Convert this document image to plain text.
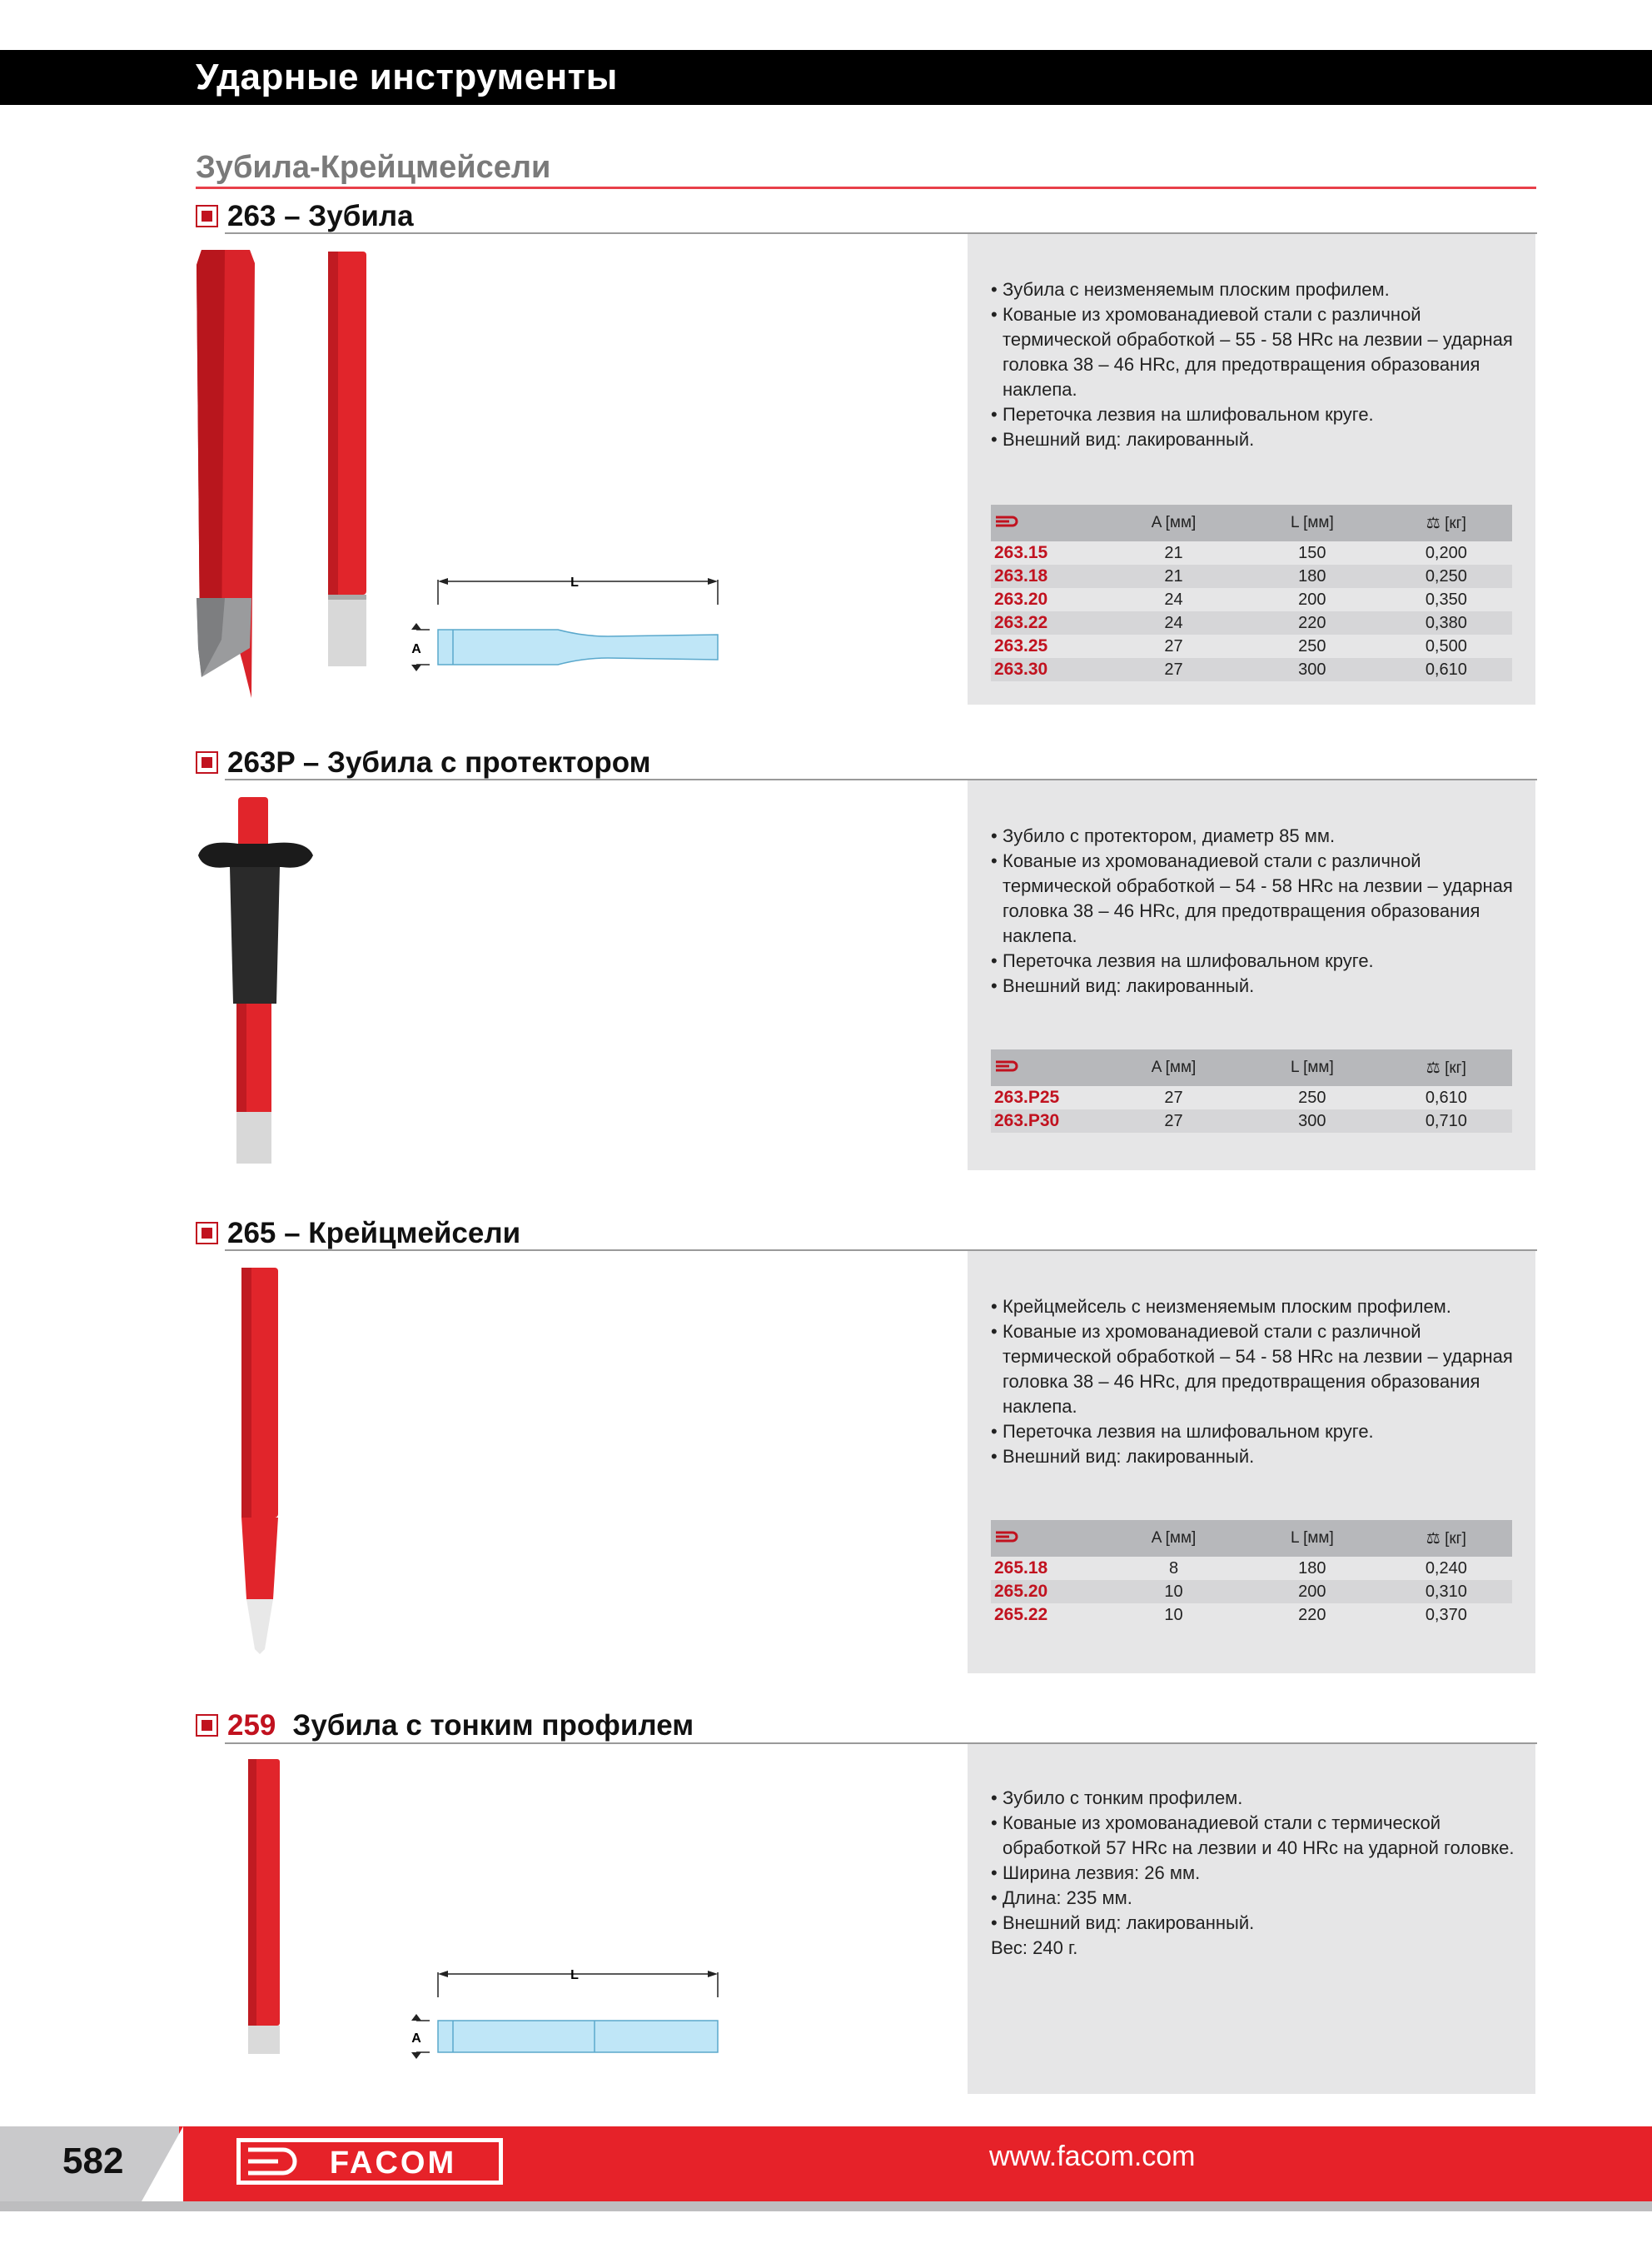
Ударные инструменты
Зубила-Крейцмейсели
263 – Зубила
L
A
• Зубила с неизменяемым плоским профилем.
• Кованые из хромованадиевой стали с различной термической обработкой – 55 - 58 HRc на лезвии – ударная головка 38 – 46 HRc, для предотвращения образования наклепа.
• Переточка лезвия на шлифовальном круге.
• Внешний вид: лакированный.
	A [мм]	L [мм]	⚖ [кг]
263.15	21	150	0,200
263.18	21	180	0,250
263.20	24	200	0,350
263.22	24	220	0,380
263.25	27	250	0,500
263.30	27	300	0,610
263P – Зубила с протектором
• Зубило с протектором, диаметр 85 мм.
• Кованые из хромованадиевой стали с различной термической обработкой – 54 - 58 HRc на лезвии – ударная головка 38 – 46 HRc, для предотвращения образования наклепа.
• Переточка лезвия на шлифовальном круге.
• Внешний вид: лакированный.
	A [мм]	L [мм]	⚖ [кг]
263.P25	27	250	0,610
263.P30	27	300	0,710
265 – Крейцмейсели
• Крейцмейсель с неизменяемым плоским профилем.
• Кованые из хромованадиевой стали с различной термической обработкой – 54 - 58 HRc на лезвии – ударная головка 38 – 46 HRc, для предотвращения образования наклепа.
• Переточка лезвия на шлифовальном круге.
• Внешний вид: лакированный.
	A [мм]	L [мм]	⚖ [кг]
265.18	8	180	0,240
265.20	10	200	0,310
265.22	10	220	0,370
259 Зубила с тонким профилем
L
A
• Зубило с тонким профилем.
• Кованые из хромованадиевой стали с термической обработкой 57 HRc на лезвии и 40 HRc на ударной головке.
• Ширина лезвия: 26 мм.
• Длина: 235 мм.
• Внешний вид: лакированный.
Вес: 240 г.
582	FACOM	www.facom.com
